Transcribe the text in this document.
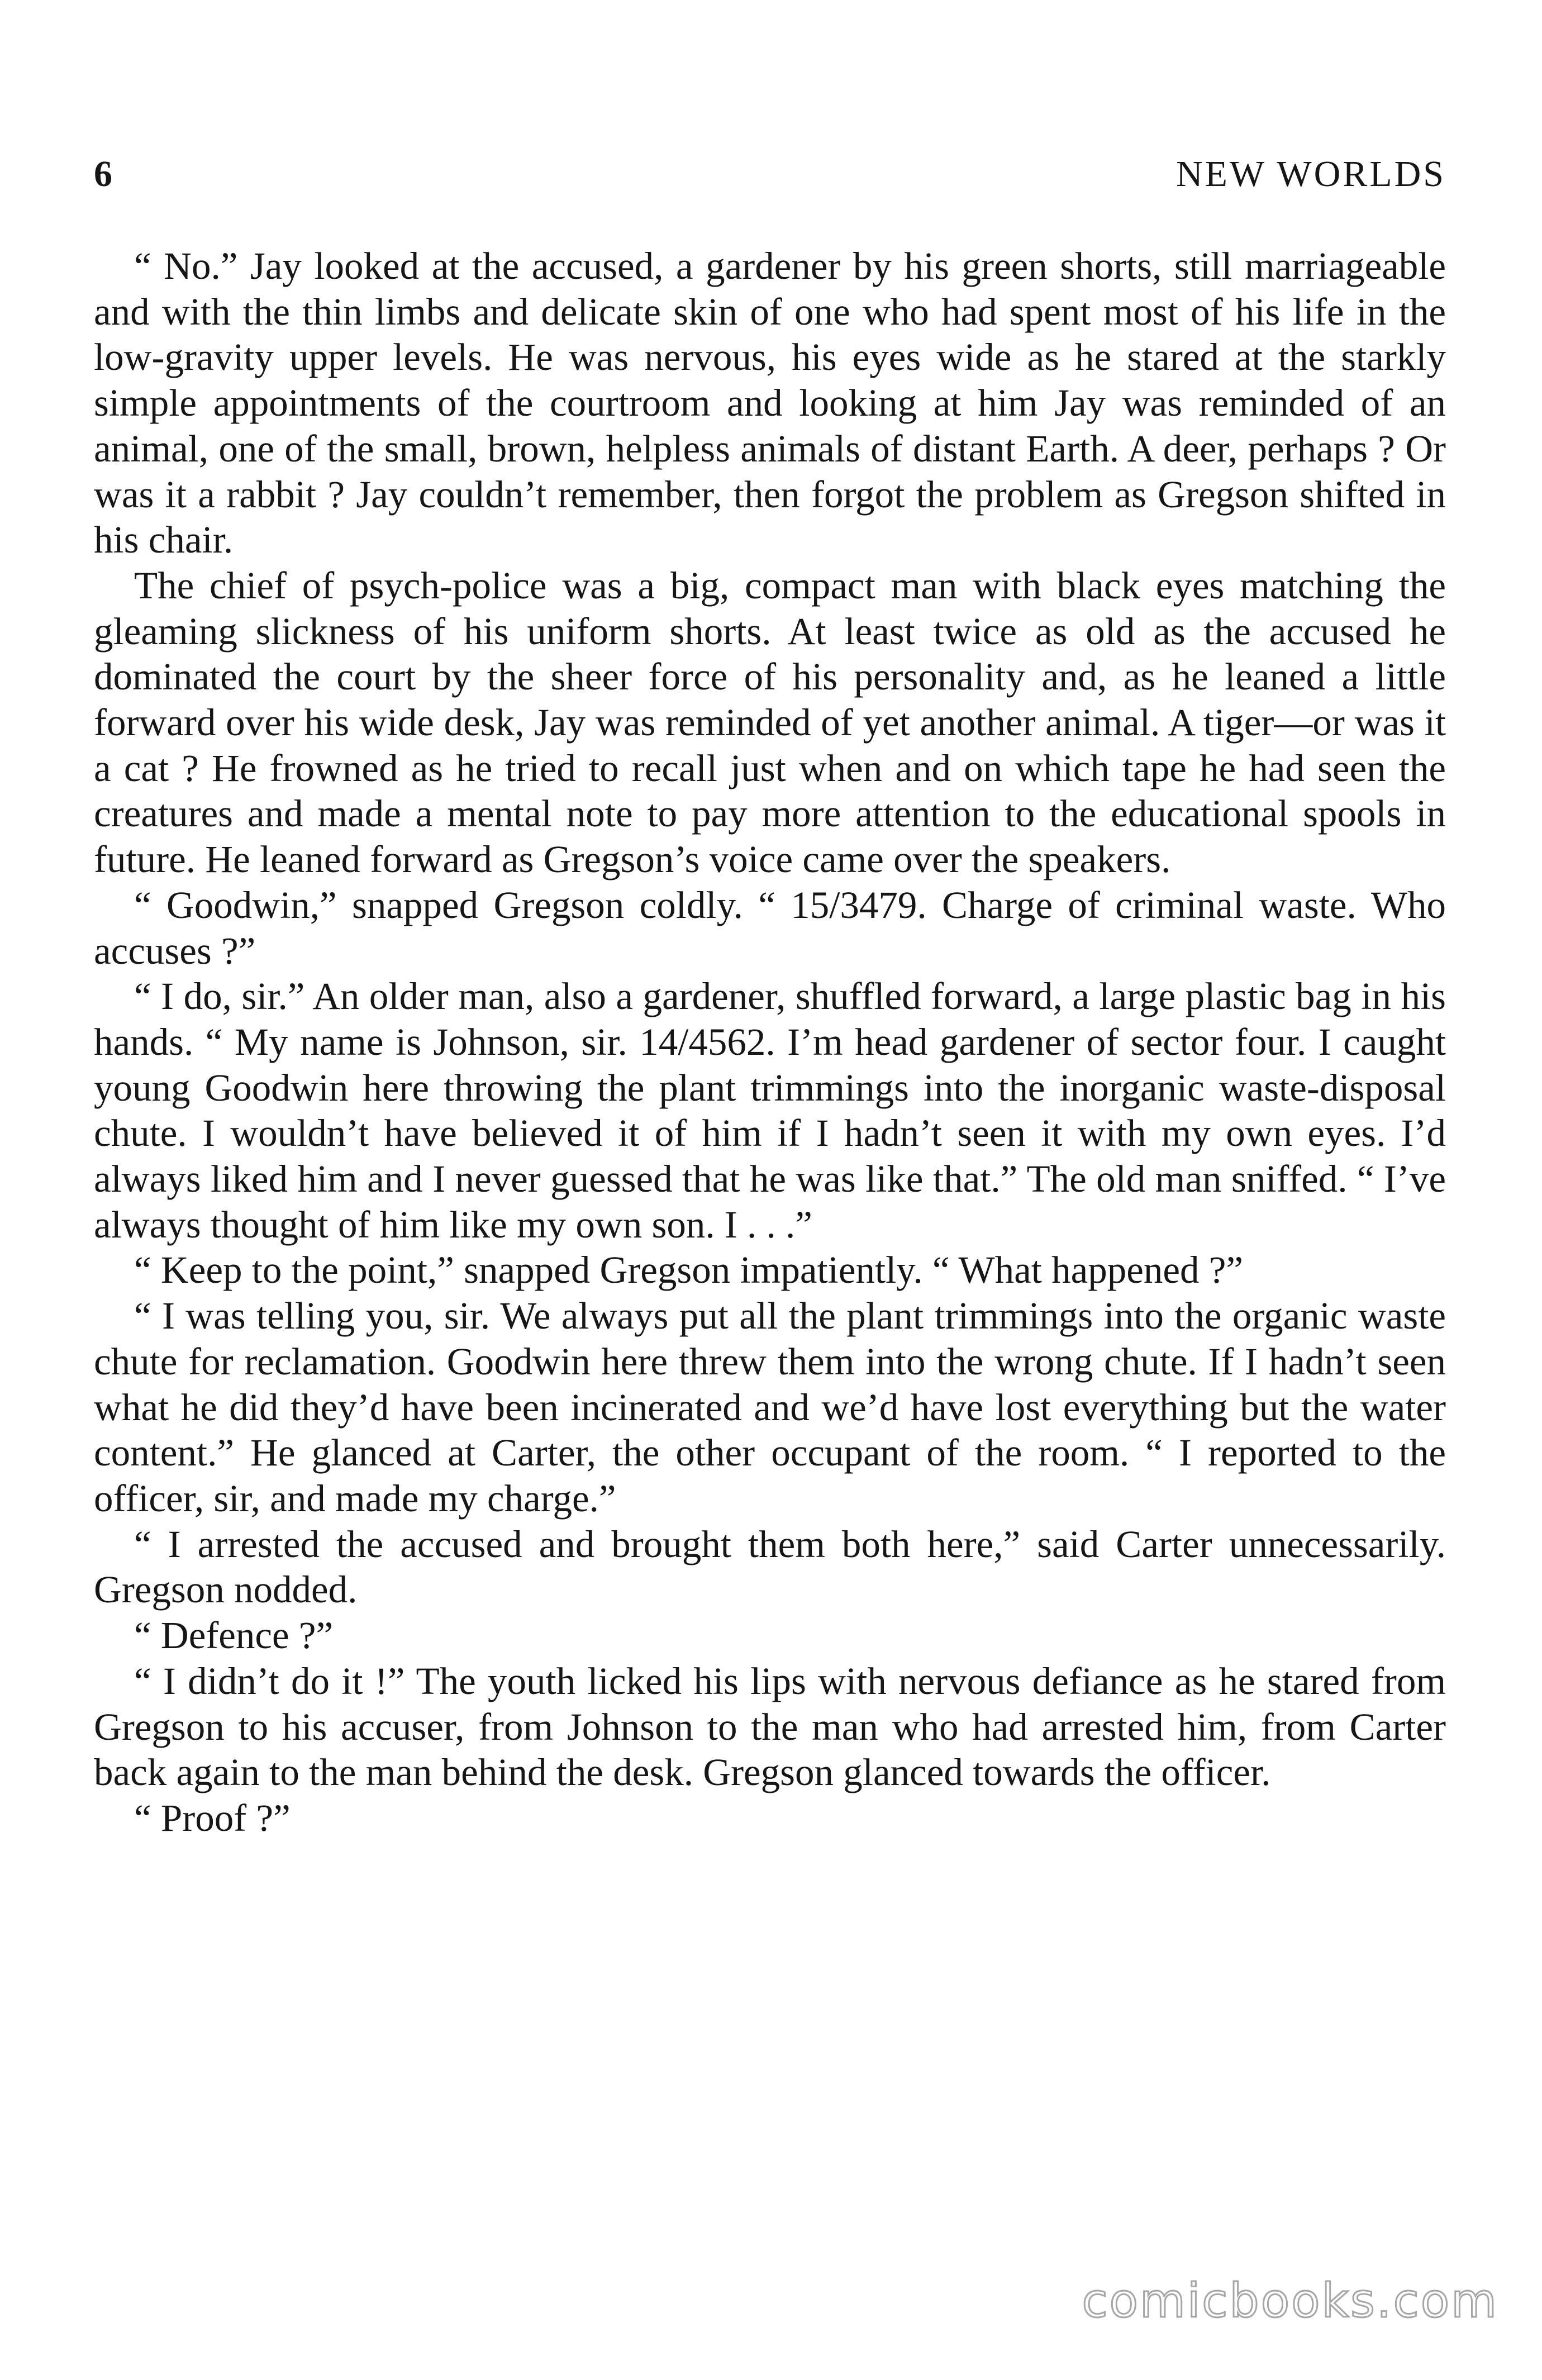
6	NEW WORLDS

“ No.” Jay looked at the accused, a gardener by his green shorts, still marriageable and with the thin limbs and delicate skin of one who had spent most of his life in the low-gravity upper levels. He was nervous, his eyes wide as he stared at the starkly simple appointments of the courtroom and looking at him Jay was reminded of an animal, one of the small, brown, helpless animals of distant Earth. A deer, perhaps ? Or was it a rabbit ? Jay couldn’t remember, then forgot the problem as Gregson shifted in his chair.

The chief of psych-police was a big, compact man with black eyes matching the gleaming slickness of his uniform shorts. At least twice as old as the accused he dominated the court by the sheer force of his personality and, as he leaned a little forward over his wide desk, Jay was reminded of yet another animal. A tiger—or was it a cat ? He frowned as he tried to recall just when and on which tape he had seen the creatures and made a mental note to pay more attention to the educational spools in future. He leaned forward as Gregson’s voice came over the speakers.

“ Goodwin,” snapped Gregson coldly. “ 15/3479. Charge of criminal waste. Who accuses ?”

“ I do, sir.” An older man, also a gardener, shuffled forward, a large plastic bag in his hands. “ My name is Johnson, sir. 14/4562. I’m head gardener of sector four. I caught young Goodwin here throwing the plant trimmings into the inorganic waste-disposal chute. I wouldn’t have believed it of him if I hadn’t seen it with my own eyes. I’d always liked him and I never guessed that he was like that.” The old man sniffed. “ I’ve always thought of him like my own son. I . . .”

“ Keep to the point,” snapped Gregson impatiently. “ What happened ?”

“ I was telling you, sir. We always put all the plant trimmings into the organic waste chute for reclamation. Goodwin here threw them into the wrong chute. If I hadn’t seen what he did they’d have been incinerated and we’d have lost everything but the water content.” He glanced at Carter, the other occupant of the room. “ I reported to the officer, sir, and made my charge.”

“ I arrested the accused and brought them both here,” said Carter unnecessarily. Gregson nodded.

“ Defence ?”

“ I didn’t do it !” The youth licked his lips with nervous defiance as he stared from Gregson to his accuser, from Johnson to the man who had arrested him, from Carter back again to the man behind the desk. Gregson glanced towards the officer.

“ Proof ?”

comicbooks.com
